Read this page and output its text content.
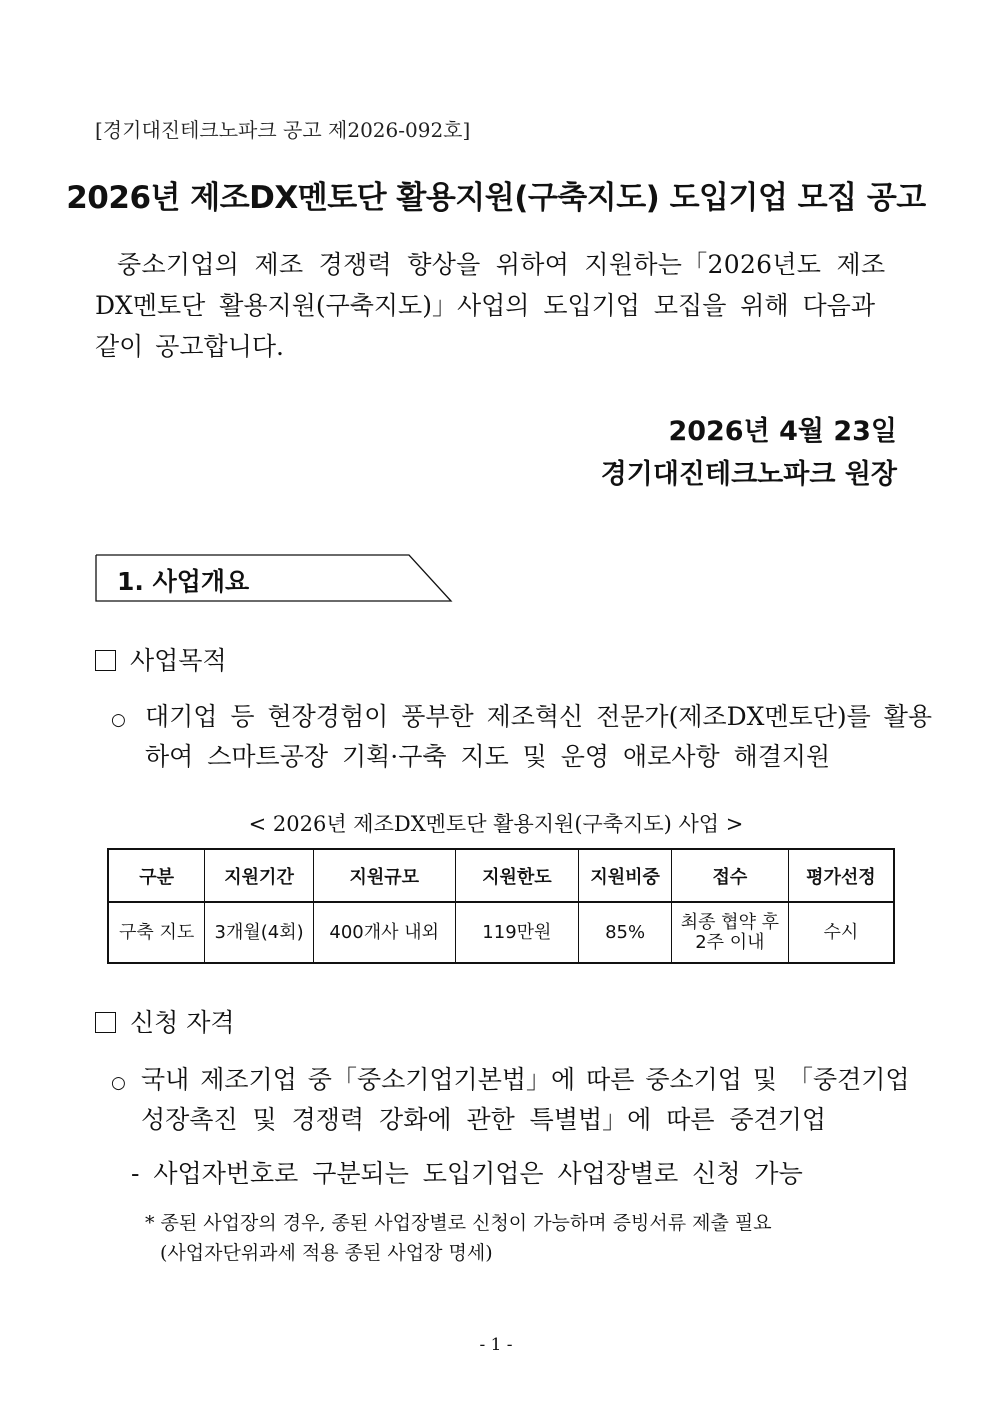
[경기대진테크노파크 공고 제2026-092호]
2026년 제조DX멘토단 활용지원(구축지도) 도입기업 모집 공고

중소기업의 제조 경쟁력 향상을 위하여 지원하는「2026년도 제조

DX멘토단 활용지원(구축지도)」사업의 도입기업 모집을 위해 다음과

같이 공고합니다.

2026년 4월 23일
경기대진테크노파크 원장
1. 사업개요
사업목적
○ 대기업 등 현장경험이 풍부한 제조혁신 전문가(제조DX멘토단)를 활용
하여 스마트공장 기획·구축 지도 및 운영 애로사항 해결지원
< 2026년 제조DX멘토단 활용지원(구축지도) 사업 >
구분	지원기간	지원규모	지원한도	지원비중	접수	평가선정
구축 지도	3개월(4회)	400개사 내외	119만원	85%	최종 협약 후 2주 이내	수시
신청 자격
○ 국내 제조기업 중「중소기업기본법」에 따른 중소기업 및 「중견기업
성장촉진 및 경쟁력 강화에 관한 특별법」에 따른 중견기업
- 사업자번호로 구분되는 도입기업은 사업장별로 신청 가능
* 종된 사업장의 경우, 종된 사업장별로 신청이 가능하며 증빙서류 제출 필요
(사업자단위과세 적용 종된 사업장 명세)
- 1 -
